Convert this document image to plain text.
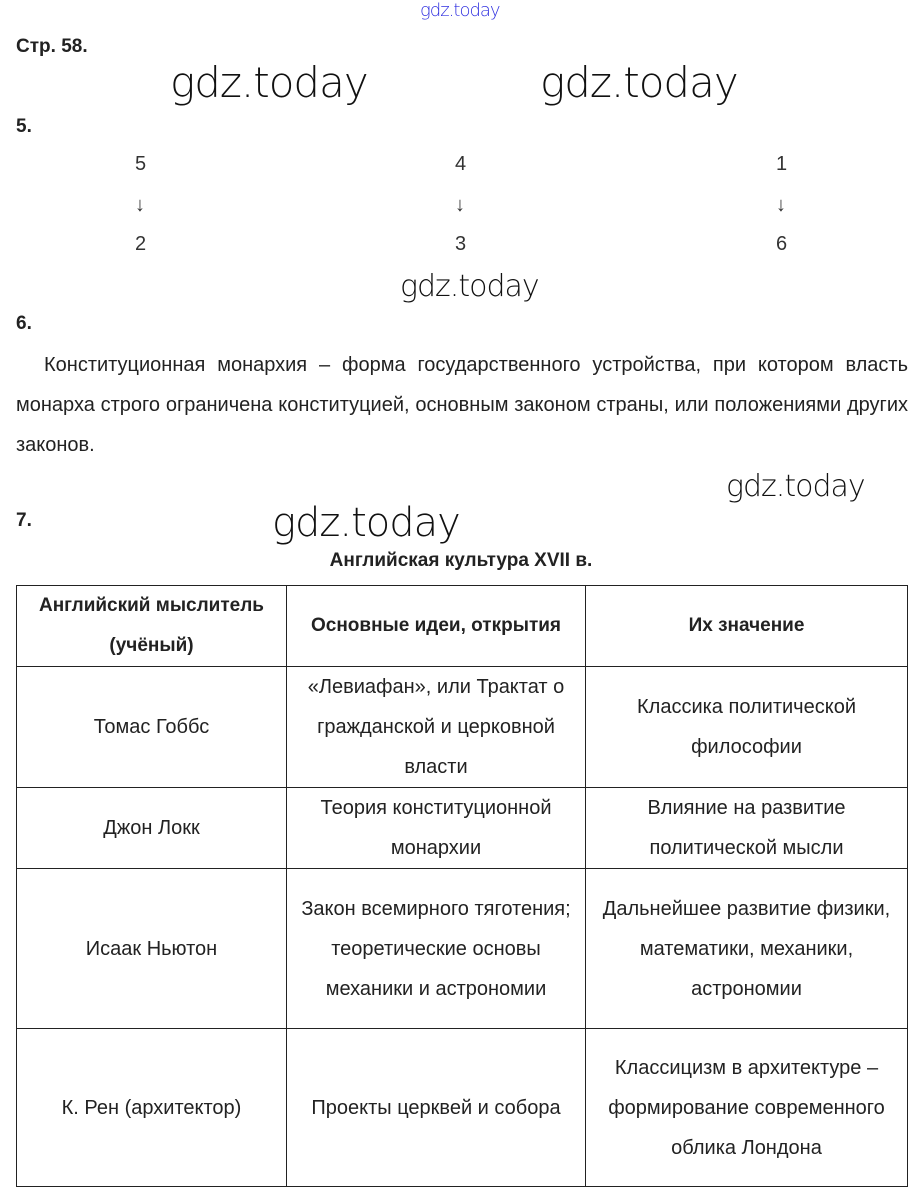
gdz.today
Стр. 58.
5.
5
↓
2
4
↓
3
1
↓
6
6.
Конституционная монархия – форма государственного устройства, при котором власть монарха строго ограничена конституцией, основным законом страны, или положениями других законов.
7.
Английская культура XVII в.
Английский мыслитель (учёный)	Основные идеи, открытия	Их значение
Томас Гоббс	«Левиафан», или Трактат о гражданской и церковной власти	Классика политической философии
Джон Локк	Теория конституционной монархии	Влияние на развитие политической мысли
Исаак Ньютон	Закон всемирного тяготения; теоретические основы механики и астрономии	Дальнейшее развитие физики, математики, механики, астрономии
К. Рен (архитектор)	Проекты церквей и собора	Классицизм в архитектуре – формирование современного облика Лондона
gdz.today	gdz.today
gdz.today
gdz.today
gdz.today
